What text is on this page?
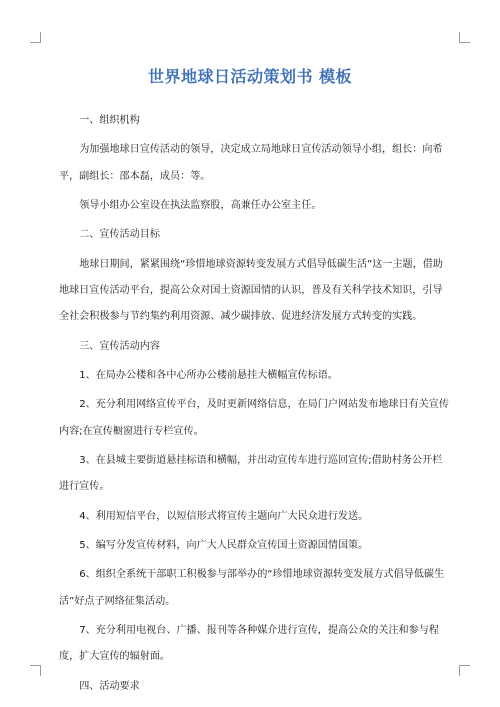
世界地球日活动策划书 模板

一、组织机构

为加强地球日宣传活动的领导，决定成立局地球日宣传活动领导小组，组长：向希平，副组长：邵本磊，成员：等。

领导小组办公室设在执法监察股，高兼任办公室主任。

二、宣传活动目标

地球日期间，紧紧围绕“珍惜地球资源转变发展方式倡导低碳生活”这一主题，借助地球日宣传活动平台，提高公众对国土资源国情的认识，普及有关科学技术知识，引导全社会积极参与节约集约利用资源、减少碳排放、促进经济发展方式转变的实践。

三、宣传活动内容

1、在局办公楼和各中心所办公楼前悬挂大横幅宣传标语。

2、充分利用网络宣传平台，及时更新网络信息，在局门户网站发布地球日有关宣传内容;在宣传橱窗进行专栏宣传。

3、在县城主要街道悬挂标语和横幅，并出动宣传车进行巡回宣传;借助村务公开栏进行宣传。

4、利用短信平台，以短信形式将宣传主题向广大民众进行发送。

5、编写分发宣传材料，向广大人民群众宣传国土资源国情国策。

6、组织全系统干部职工积极参与部举办的“珍惜地球资源转变发展方式倡导低碳生活”好点子网络征集活动。

7、充分利用电视台、广播、报刊等各种媒介进行宣传，提高公众的关注和参与程度，扩大宣传的辐射面。

四、活动要求
